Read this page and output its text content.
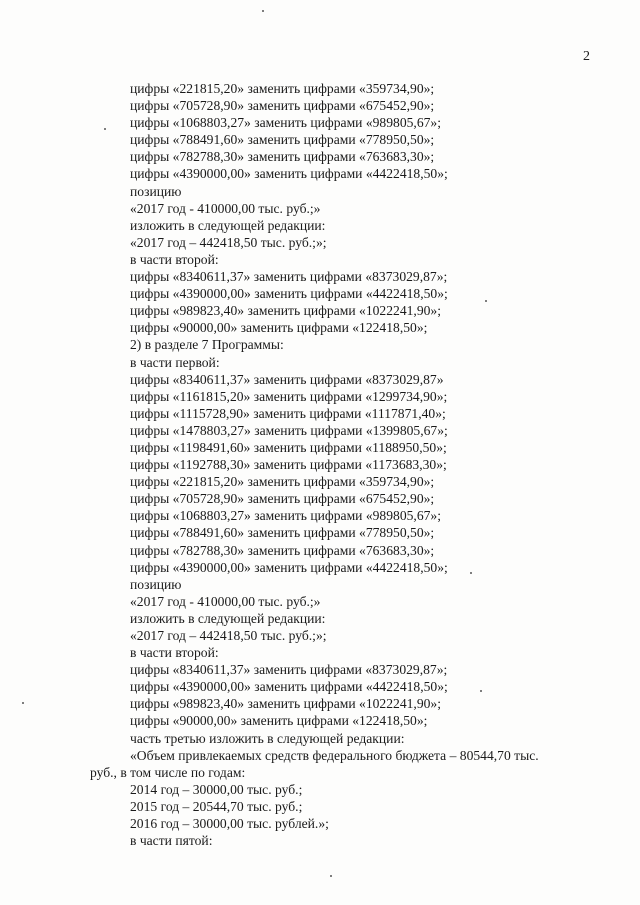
2
цифры «221815,20» заменить цифрами «359734,90»;
цифры «705728,90» заменить цифрами «675452,90»;
цифры «1068803,27» заменить цифрами «989805,67»;
цифры «788491,60» заменить цифрами «778950,50»;
цифры «782788,30» заменить цифрами «763683,30»;
цифры «4390000,00» заменить цифрами «4422418,50»;
позицию
«2017 год - 410000,00 тыс. руб.;»
изложить в следующей редакции:
«2017 год – 442418,50 тыс. руб.;»;
в части второй:
цифры «8340611,37» заменить цифрами «8373029,87»;
цифры «4390000,00» заменить цифрами «4422418,50»;
цифры «989823,40» заменить цифрами «1022241,90»;
цифры «90000,00» заменить цифрами «122418,50»;
2) в разделе 7 Программы:
в части первой:
цифры «8340611,37» заменить цифрами «8373029,87»
цифры «1161815,20» заменить цифрами «1299734,90»;
цифры «1115728,90» заменить цифрами «1117871,40»;
цифры «1478803,27» заменить цифрами «1399805,67»;
цифры «1198491,60» заменить цифрами «1188950,50»;
цифры «1192788,30» заменить цифрами «1173683,30»;
цифры «221815,20» заменить цифрами «359734,90»;
цифры «705728,90» заменить цифрами «675452,90»;
цифры «1068803,27» заменить цифрами «989805,67»;
цифры «788491,60» заменить цифрами «778950,50»;
цифры «782788,30» заменить цифрами «763683,30»;
цифры «4390000,00» заменить цифрами «4422418,50»;
позицию
«2017 год - 410000,00 тыс. руб.;»
изложить в следующей редакции:
«2017 год – 442418,50 тыс. руб.;»;
в части второй:
цифры «8340611,37» заменить цифрами «8373029,87»;
цифры «4390000,00» заменить цифрами «4422418,50»;
цифры «989823,40» заменить цифрами «1022241,90»;
цифры «90000,00» заменить цифрами «122418,50»;
часть третью изложить в следующей редакции:
«Объем привлекаемых средств федерального бюджета – 80544,70 тыс.
руб., в том числе по годам:
2014 год – 30000,00 тыс. руб.;
2015 год – 20544,70 тыс. руб.;
2016 год – 30000,00 тыс. рублей.»;
в части пятой:
